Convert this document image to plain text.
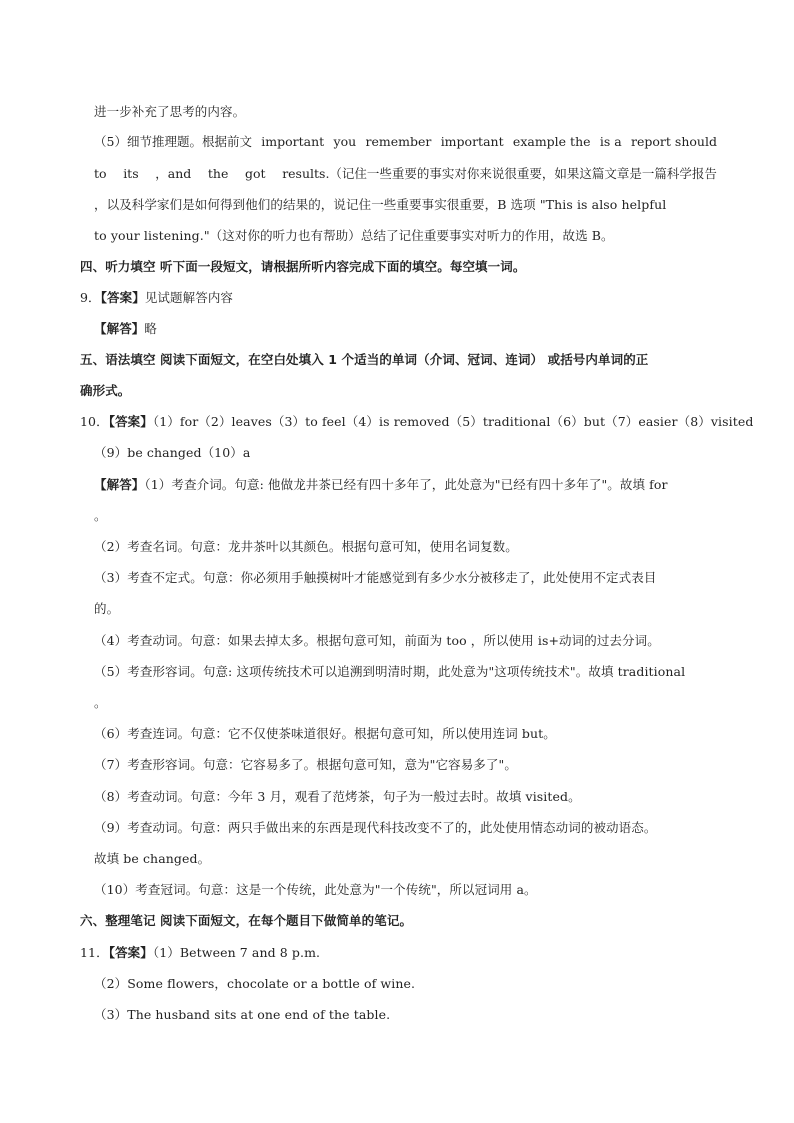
进一步补充了思考的内容。
（5）细节推理题。根据前文 important you remember important example the is a report should
to its ，and the got results.（记住一些重要的事实对你来说很重要，如果这篇文章是一篇科学报告
，以及科学家们是如何得到他们的结果的，说记住一些重要事实很重要，B 选项 "This is also helpful
to your listening."（这对你的听力也有帮助）总结了记住重要事实对听力的作用，故选 B。
四、听力填空 听下面一段短文，请根据所听内容完成下面的填空。每空填一词。
9．【答案】见试题解答内容
【解答】略
五、语法填空 阅读下面短文，在空白处填入 1 个适当的单词（介词、冠词、连词） 或括号内单词的正
确形式。
10．【答案】（1）for（2）leaves（3）to feel（4）is removed（5）traditional（6）but（7）easier（8）visited
（9）be changed（10）a
【解答】（1）考查介词。句意: 他做龙井茶已经有四十多年了，此处意为"已经有四十多年了"。故填 for
。
（2）考查名词。句意：龙井茶叶以其颜色。根据句意可知，使用名词复数。
（3）考查不定式。句意：你必须用手触摸树叶才能感觉到有多少水分被移走了，此处使用不定式表目
的。
（4）考查动词。句意：如果去掉太多。根据句意可知，前面为 too ，所以使用 is+动词的过去分词。
（5）考查形容词。句意: 这项传统技术可以追溯到明清时期，此处意为"这项传统技术"。故填 traditional
。
（6）考查连词。句意：它不仅使茶味道很好。根据句意可知，所以使用连词 but。
（7）考查形容词。句意：它容易多了。根据句意可知，意为"它容易多了"。
（8）考查动词。句意：今年 3 月，观看了范烤茶，句子为一般过去时。故填 visited。
（9）考查动词。句意：两只手做出来的东西是现代科技改变不了的，此处使用情态动词的被动语态。
故填 be changed。
（10）考查冠词。句意：这是一个传统，此处意为"一个传统"，所以冠词用 a。
六、整理笔记 阅读下面短文，在每个题目下做简单的笔记。
11．【答案】（1）Between 7 and 8 p.m.
（2）Some flowers，chocolate or a bottle of wine.
（3）The husband sits at one end of the table.
